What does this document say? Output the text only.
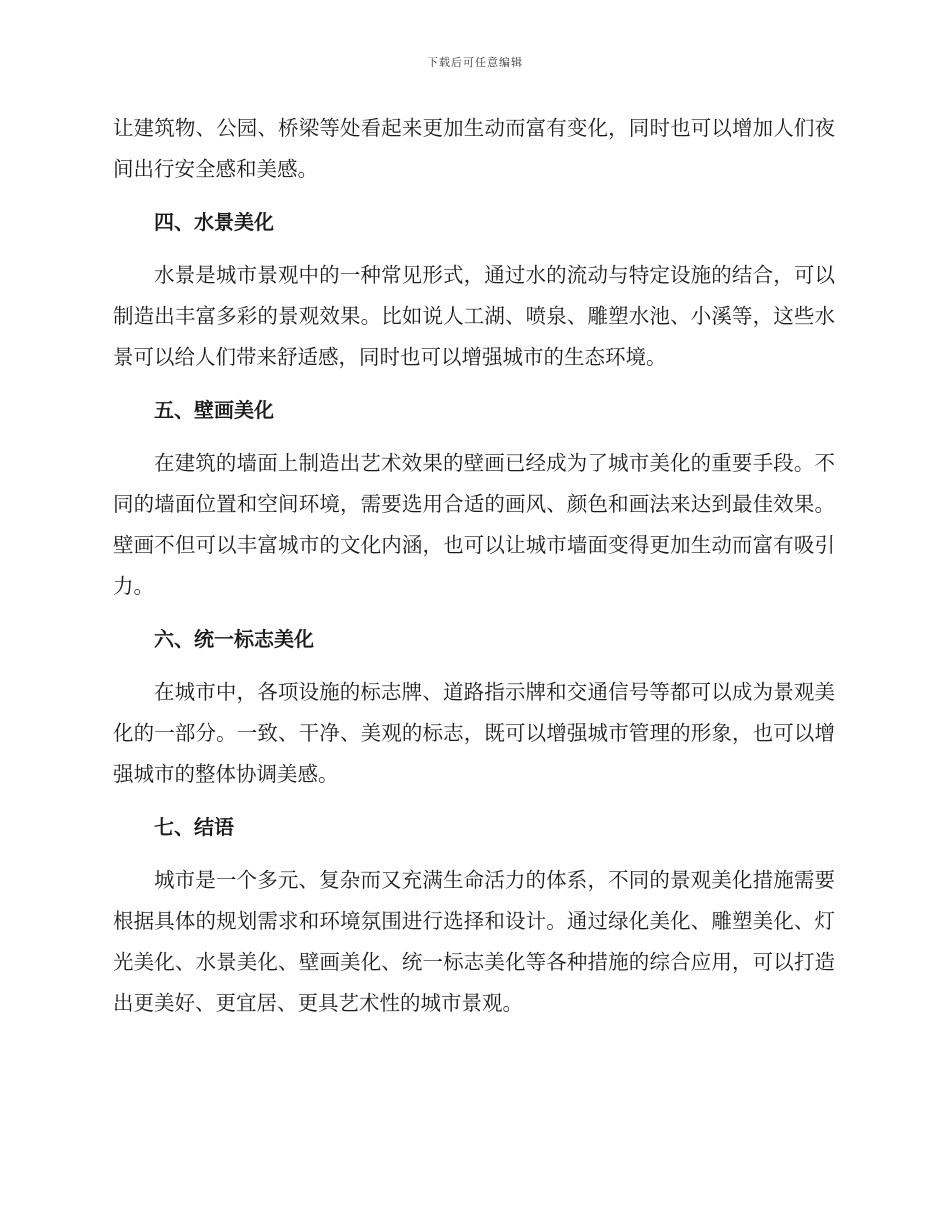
下载后可任意编辑

让建筑物、公园、桥梁等处看起来更加生动而富有变化，同时也可以增加人们夜间出行安全感和美感。

四、水景美化

水景是城市景观中的一种常见形式，通过水的流动与特定设施的结合，可以制造出丰富多彩的景观效果。比如说人工湖、喷泉、雕塑水池、小溪等，这些水景可以给人们带来舒适感，同时也可以增强城市的生态环境。

五、壁画美化

在建筑的墙面上制造出艺术效果的壁画已经成为了城市美化的重要手段。不同的墙面位置和空间环境，需要选用合适的画风、颜色和画法来达到最佳效果。壁画不但可以丰富城市的文化内涵，也可以让城市墙面变得更加生动而富有吸引力。

六、统一标志美化

在城市中，各项设施的标志牌、道路指示牌和交通信号等都可以成为景观美化的一部分。一致、干净、美观的标志，既可以增强城市管理的形象，也可以增强城市的整体协调美感。

七、结语

城市是一个多元、复杂而又充满生命活力的体系，不同的景观美化措施需要根据具体的规划需求和环境氛围进行选择和设计。通过绿化美化、雕塑美化、灯光美化、水景美化、壁画美化、统一标志美化等各种措施的综合应用，可以打造出更美好、更宜居、更具艺术性的城市景观。
